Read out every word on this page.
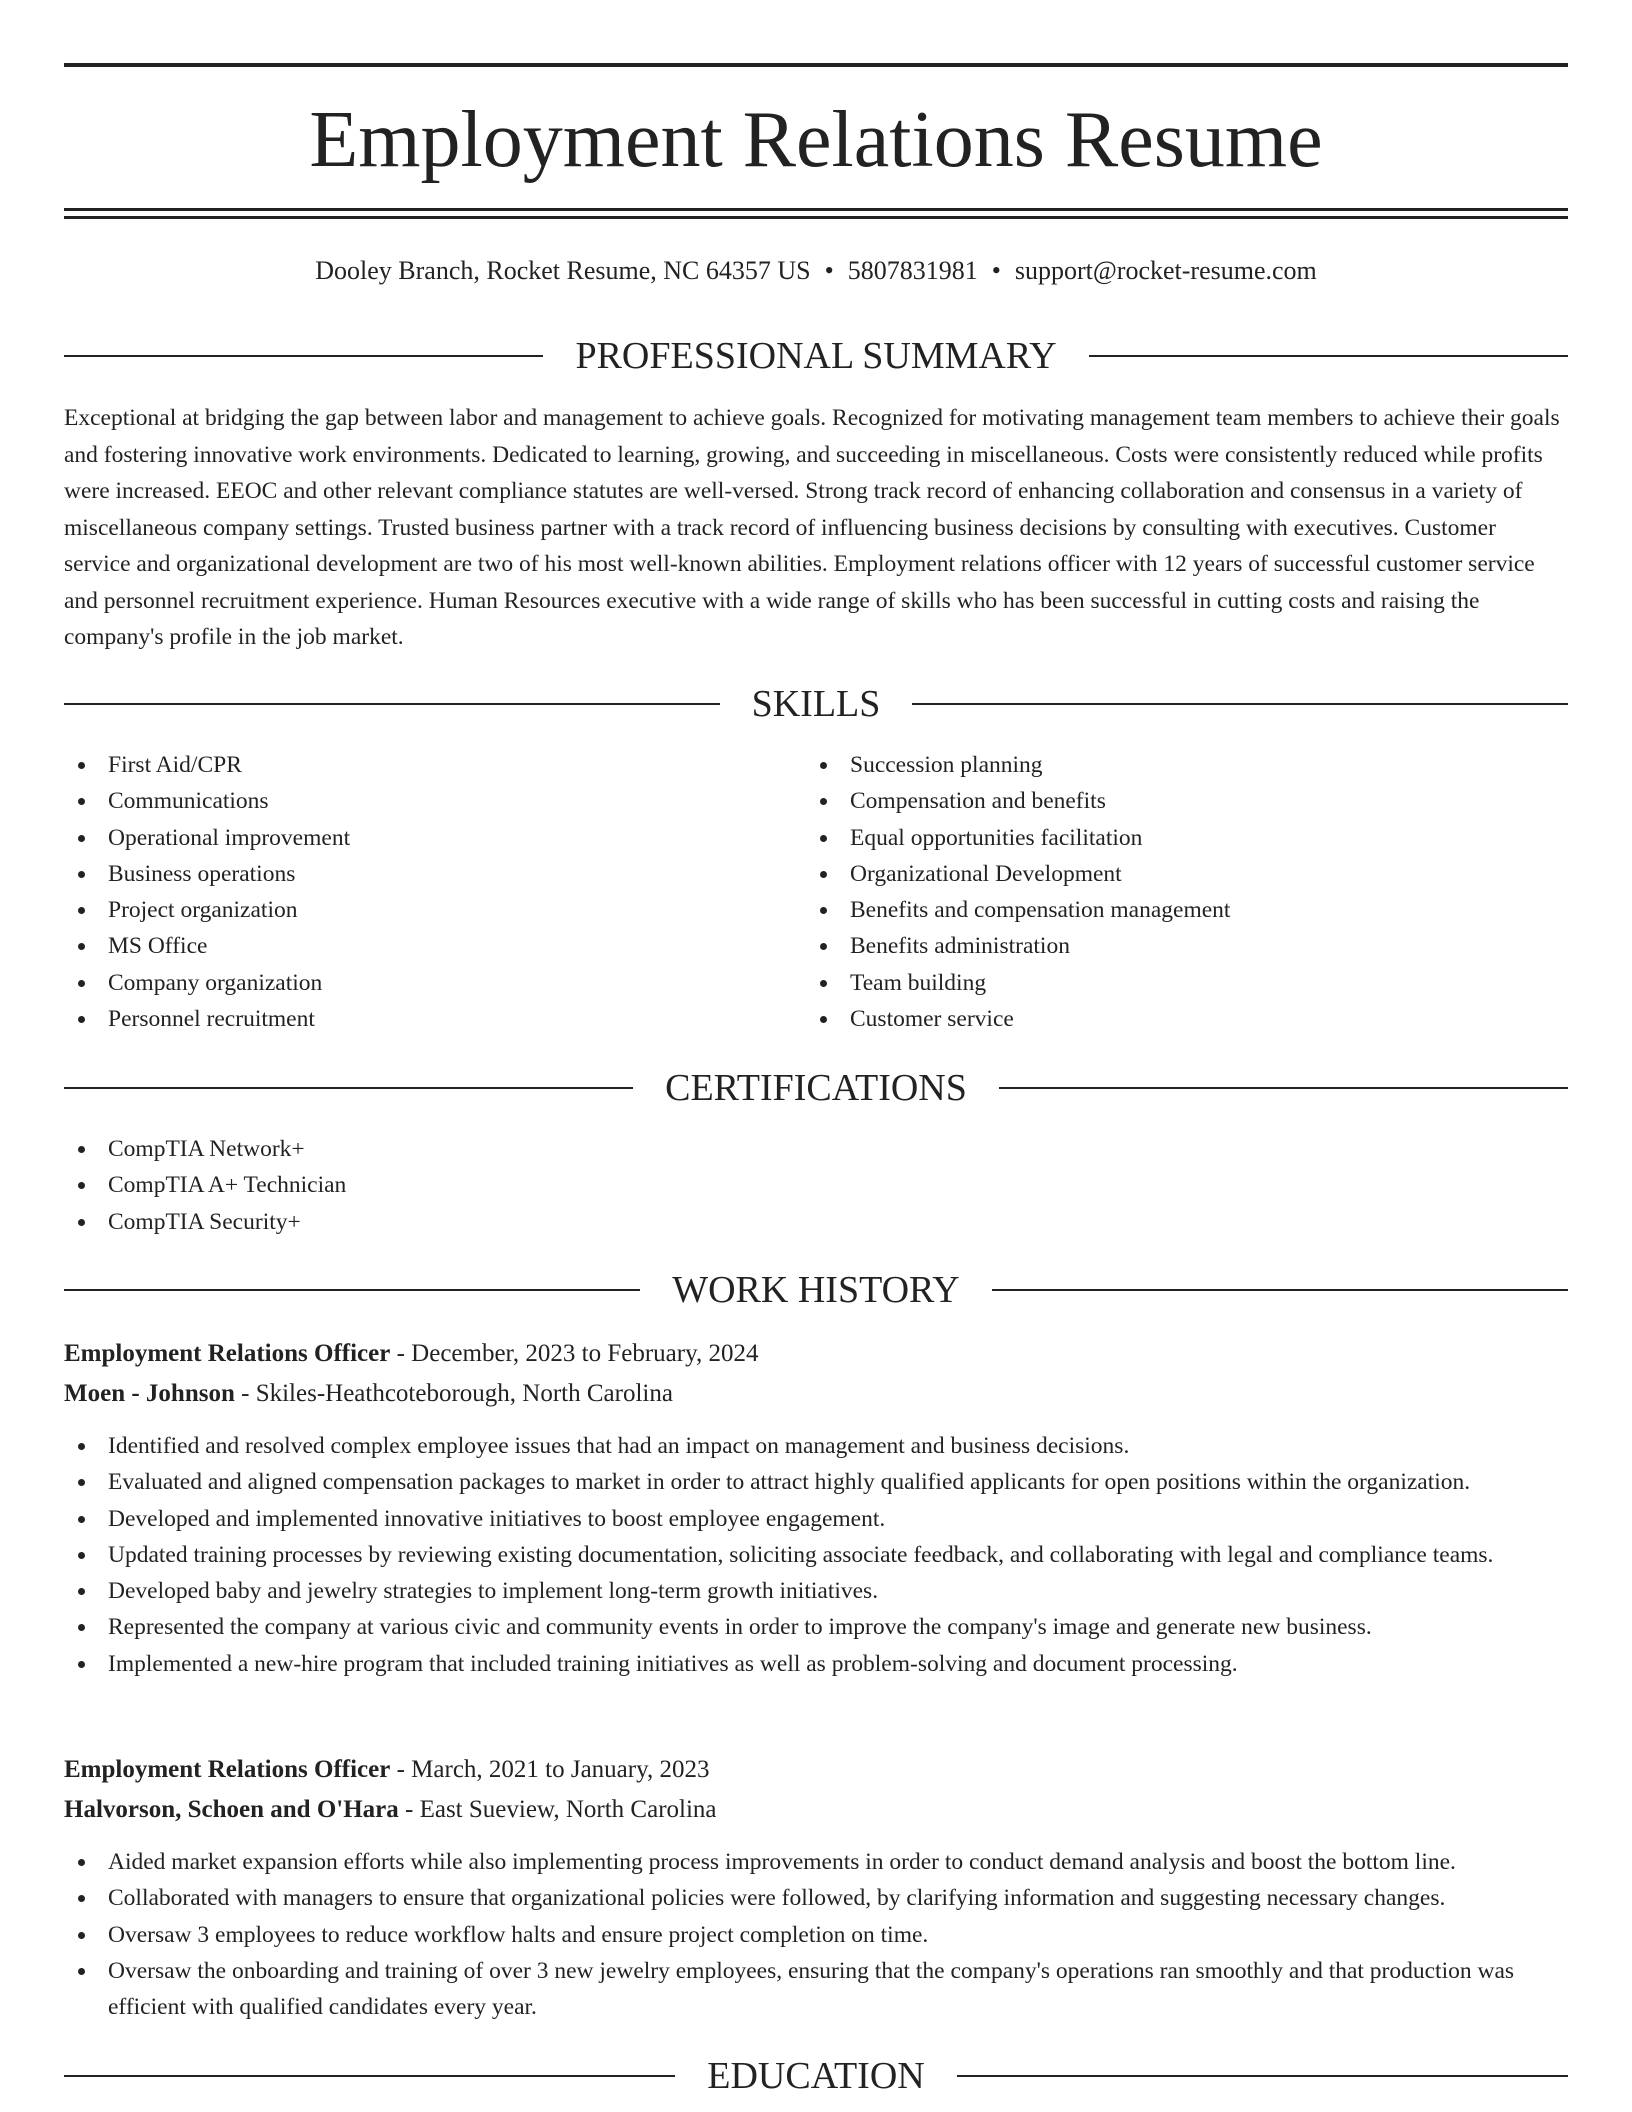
Employment Relations Resume
Dooley Branch, Rocket Resume, NC 64357 US • 5807831981 • support@rocket-resume.com
PROFESSIONAL SUMMARY
Exceptional at bridging the gap between labor and management to achieve goals. Recognized for motivating management team members to achieve their goals and fostering innovative work environments. Dedicated to learning, growing, and succeeding in miscellaneous. Costs were consistently reduced while profits were increased. EEOC and other relevant compliance statutes are well-versed. Strong track record of enhancing collaboration and consensus in a variety of miscellaneous company settings. Trusted business partner with a track record of influencing business decisions by consulting with executives. Customer service and organizational development are two of his most well-known abilities. Employment relations officer with 12 years of successful customer service and personnel recruitment experience. Human Resources executive with a wide range of skills who has been successful in cutting costs and raising the company's profile in the job market.
SKILLS
First Aid/CPR
Communications
Operational improvement
Business operations
Project organization
MS Office
Company organization
Personnel recruitment
Succession planning
Compensation and benefits
Equal opportunities facilitation
Organizational Development
Benefits and compensation management
Benefits administration
Team building
Customer service
CERTIFICATIONS
CompTIA Network+
CompTIA A+ Technician
CompTIA Security+
WORK HISTORY
Employment Relations Officer - December, 2023 to February, 2024
Moen - Johnson - Skiles-Heathcoteborough, North Carolina
Identified and resolved complex employee issues that had an impact on management and business decisions.
Evaluated and aligned compensation packages to market in order to attract highly qualified applicants for open positions within the organization.
Developed and implemented innovative initiatives to boost employee engagement.
Updated training processes by reviewing existing documentation, soliciting associate feedback, and collaborating with legal and compliance teams.
Developed baby and jewelry strategies to implement long-term growth initiatives.
Represented the company at various civic and community events in order to improve the company's image and generate new business.
Implemented a new-hire program that included training initiatives as well as problem-solving and document processing.
Employment Relations Officer - March, 2021 to January, 2023
Halvorson, Schoen and O'Hara - East Sueview, North Carolina
Aided market expansion efforts while also implementing process improvements in order to conduct demand analysis and boost the bottom line.
Collaborated with managers to ensure that organizational policies were followed, by clarifying information and suggesting necessary changes.
Oversaw 3 employees to reduce workflow halts and ensure project completion on time.
Oversaw the onboarding and training of over 3 new jewelry employees, ensuring that the company's operations ran smoothly and that production was efficient with qualified candidates every year.
EDUCATION
